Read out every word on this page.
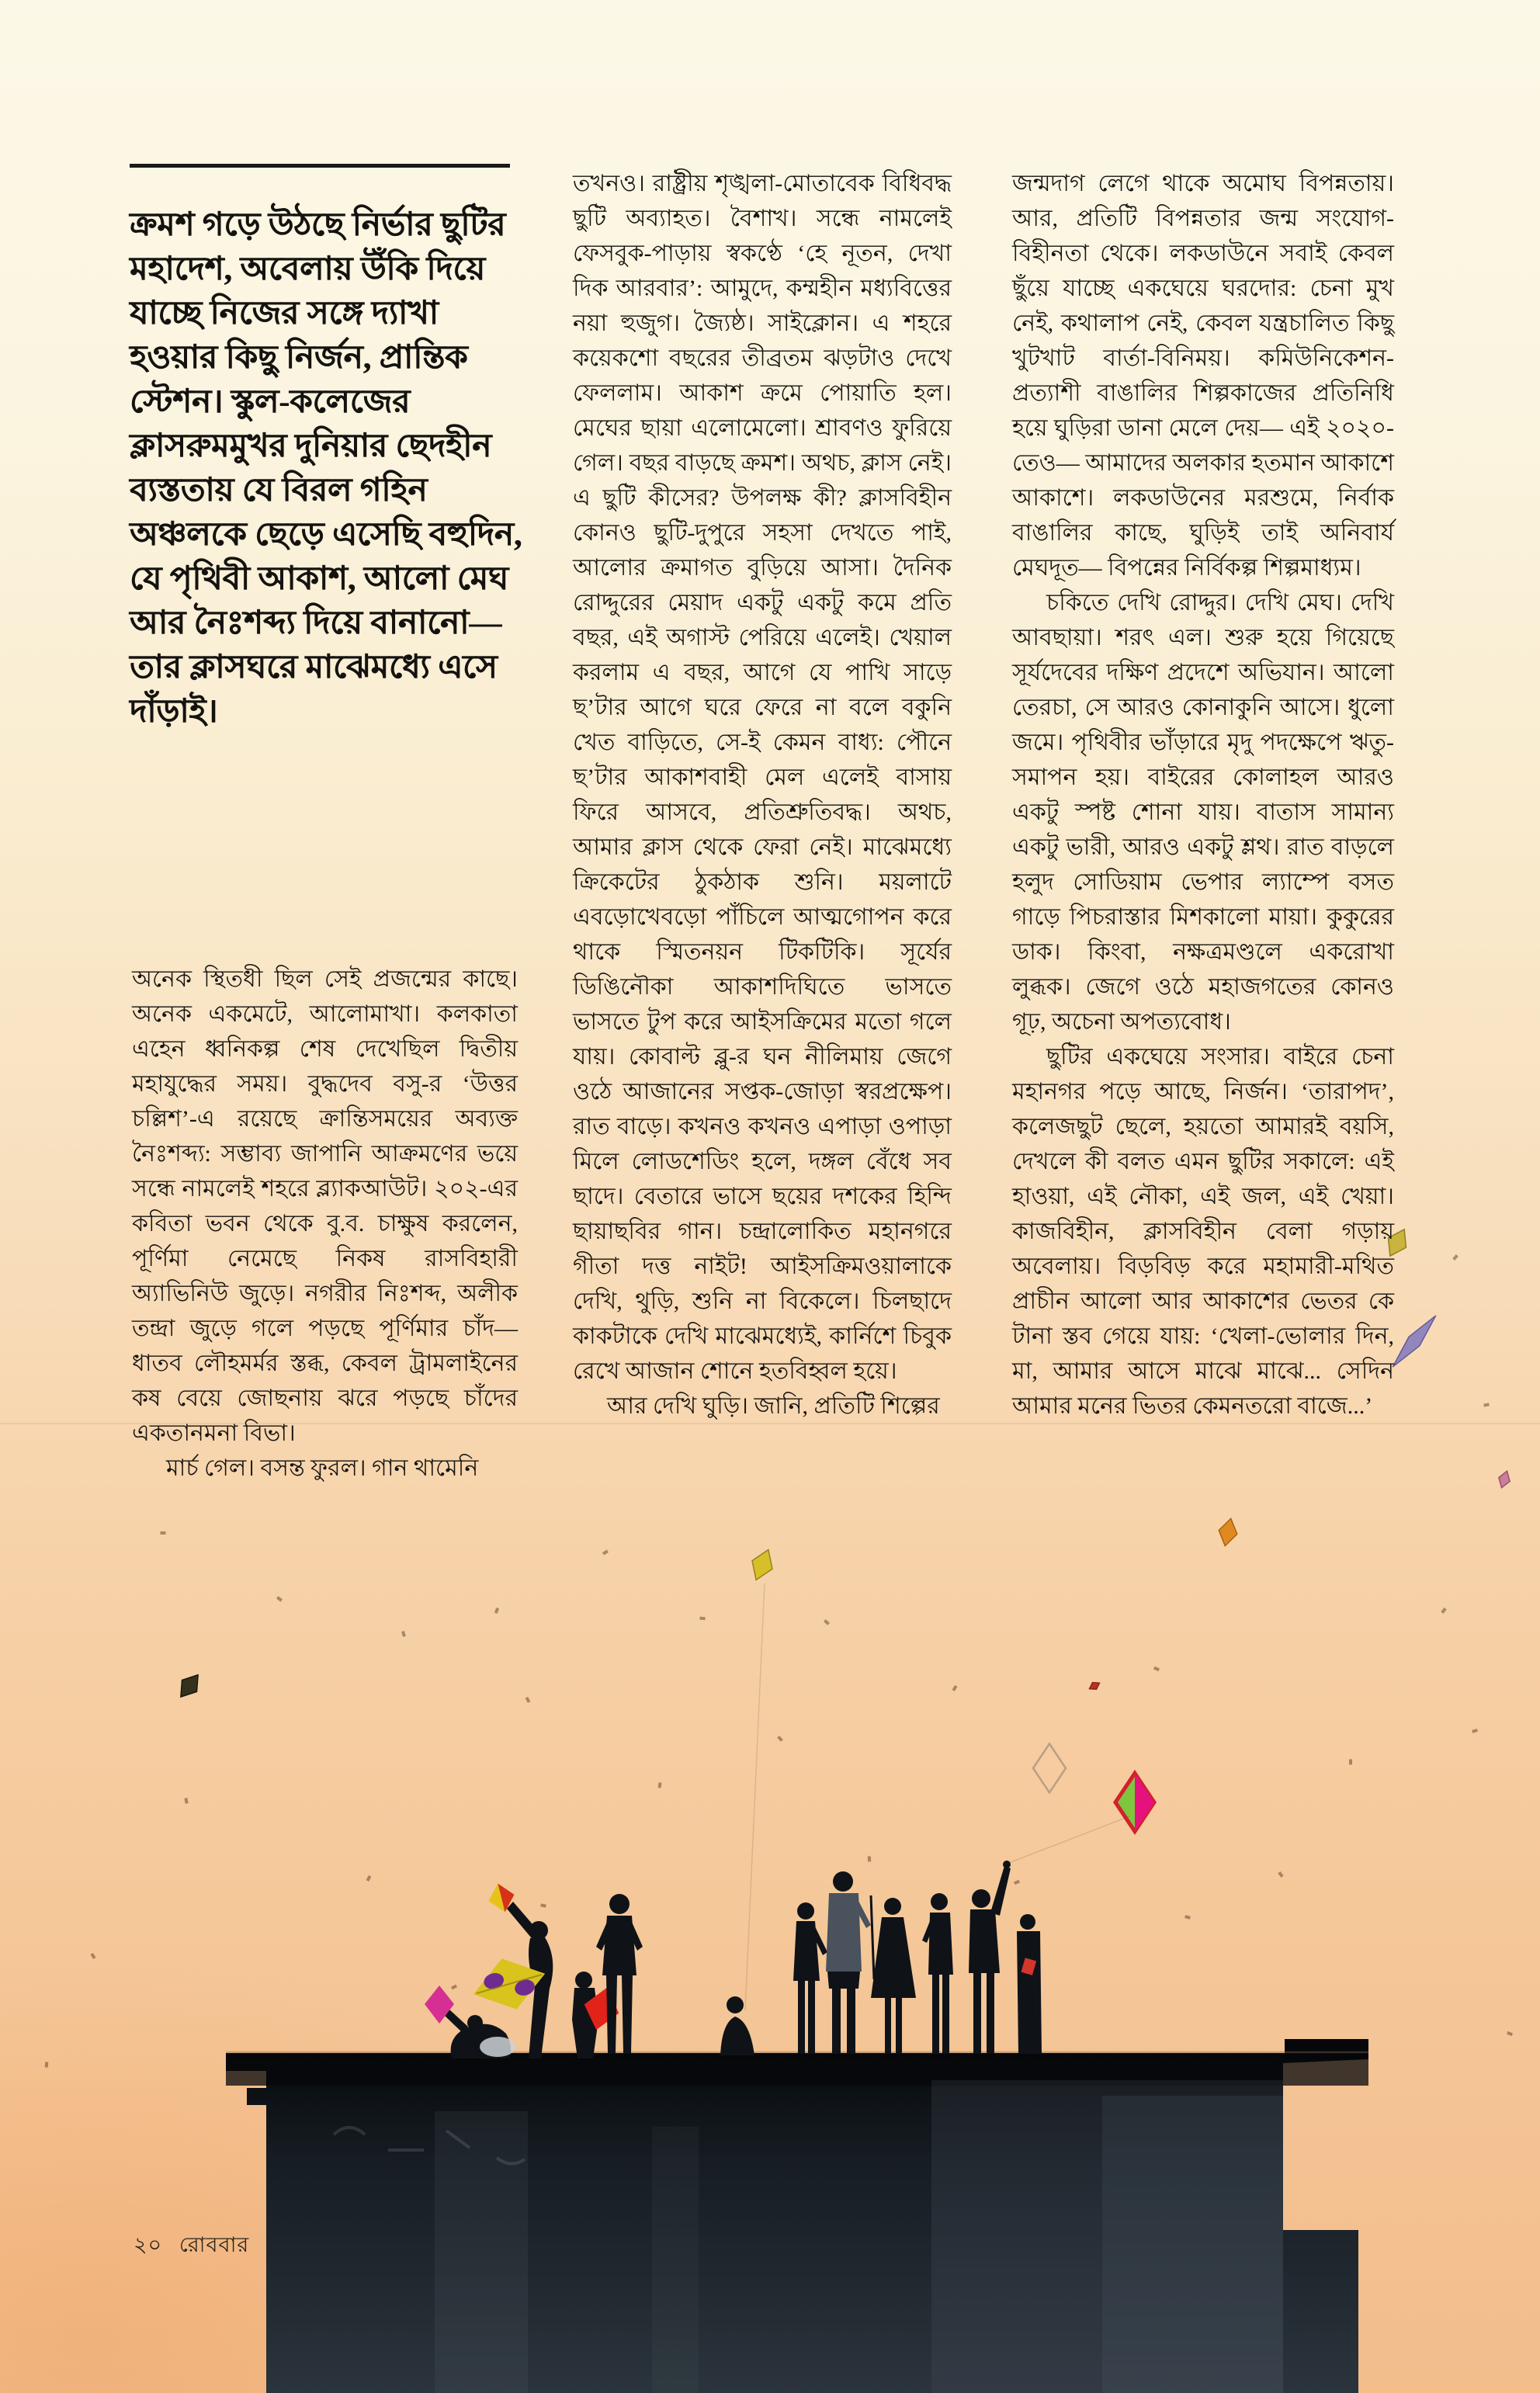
ক্রমশ গড়ে উঠছে নির্ভার ছুটির মহাদেশ, অবেলায় উঁকি দিয়ে যাচ্ছে নিজের সঙ্গে দ্যাখা হওয়ার কিছু নির্জন, প্রান্তিক স্টেশন। স্কুল-কলেজের ক্লাসরুমমুখর দুনিয়ার ছেদহীন ব্যস্ততায় যে বিরল গহিন অঞ্চলকে ছেড়ে এসেছি বহুদিন, যে পৃথিবী আকাশ, আলো মেঘ আর নৈঃশব্দ্য দিয়ে বানানো— তার ক্লাসঘরে মাঝেমধ্যে এসে দাঁড়াই।

অনেক স্থিতধী ছিল সেই প্রজন্মের কাছে। অনেক একমেটে, আলোমাখা। কলকাতা এহেন ধ্বনিকল্প শেষ দেখেছিল দ্বিতীয় মহাযুদ্ধের সময়। বুদ্ধদেব বসু-র ‘উত্তর চল্লিশ’-এ রয়েছে ক্রান্তিসময়ের অব্যক্ত নৈঃশব্দ্য: সম্ভাব্য জাপানি আক্রমণের ভয়ে সন্ধে নামলেই শহরে ব্ল্যাকআউট। ২০২-এর কবিতা ভবন থেকে বু.ব. চাক্ষুষ করলেন, পূর্ণিমা নেমেছে নিকষ রাসবিহারী অ্যাভিনিউ জুড়ে। নগরীর নিঃশব্দ, অলীক তন্দ্রা জুড়ে গলে পড়ছে পূর্ণিমার চাঁদ— ধাতব লৌহমর্মর স্তব্ধ, কেবল ট্রামলাইনের কষ বেয়ে জোছনায় ঝরে পড়ছে চাঁদের একতানমনা বিভা।

মার্চ গেল। বসন্ত ফুরল। গান থামেনি

তখনও। রাষ্ট্রীয় শৃঙ্খলা-মোতাবেক বিধিবদ্ধ ছুটি অব্যাহত। বৈশাখ। সন্ধে নামলেই ফেসবুক-পাড়ায় স্বকণ্ঠে ‘হে নূতন, দেখা দিক আরবার’: আমুদে, কম্মহীন মধ্যবিত্তের নয়া হুজুগ। জ্যৈষ্ঠ। সাইক্লোন। এ শহরে কয়েকশো বছরের তীব্রতম ঝড়টাও দেখে ফেললাম। আকাশ ক্রমে পোয়াতি হল। মেঘের ছায়া এলোমেলো। শ্রাবণও ফুরিয়ে গেল। বছর বাড়ছে ক্রমশ। অথচ, ক্লাস নেই। এ ছুটি কীসের? উপলক্ষ কী? ক্লাসবিহীন কোনও ছুটি-দুপুরে সহসা দেখতে পাই, আলোর ক্রমাগত বুড়িয়ে আসা। দৈনিক রোদ্দুরের মেয়াদ একটু একটু কমে প্রতি বছর, এই অগাস্ট পেরিয়ে এলেই। খেয়াল করলাম এ বছর, আগে যে পাখি সাড়ে ছ’টার আগে ঘরে ফেরে না বলে বকুনি খেত বাড়িতে, সে-ই কেমন বাধ্য: পৌনে ছ’টার আকাশবাহী মেল এলেই বাসায় ফিরে আসবে, প্রতিশ্রুতিবদ্ধ। অথচ, আমার ক্লাস থেকে ফেরা নেই। মাঝেমধ্যে ক্রিকেটের ঠুকঠাক শুনি। ময়লাটে এবড়োখেবড়ো পাঁচিলে আত্মগোপন করে থাকে স্মিতনয়ন টিকটিকি। সূর্যের ডিঙিনৌকা আকাশদিঘিতে ভাসতে ভাসতে টুপ করে আইসক্রিমের মতো গলে যায়। কোবাল্ট ব্লু-র ঘন নীলিমায় জেগে ওঠে আজানের সপ্তক-জোড়া স্বরপ্রক্ষেপ। রাত বাড়ে। কখনও কখনও এপাড়া ওপাড়া মিলে লোডশেডিং হলে, দঙ্গল বেঁধে সব ছাদে। বেতারে ভাসে ছয়ের দশকের হিন্দি ছায়াছবির গান। চন্দ্রালোকিত মহানগরে গীতা দত্ত নাইট! আইসক্রিমওয়ালাকে দেখি, থুড়ি, শুনি না বিকেলে। চিলছাদে কাকটাকে দেখি মাঝেমধ্যেই, কার্নিশে চিবুক রেখে আজান শোনে হতবিহ্বল হয়ে।

আর দেখি ঘুড়ি। জানি, প্রতিটি শিল্পের

জন্মদাগ লেগে থাকে অমোঘ বিপন্নতায়। আর, প্রতিটি বিপন্নতার জন্ম সংযোগ-বিহীনতা থেকে। লকডাউনে সবাই কেবল ছুঁয়ে যাচ্ছে একঘেয়ে ঘরদোর: চেনা মুখ নেই, কথালাপ নেই, কেবল যন্ত্রচালিত কিছু খুটখাট বার্তা-বিনিময়। কমিউনিকেশন-প্রত্যাশী বাঙালির শিল্পকাজের প্রতিনিধি হয়ে ঘুড়িরা ডানা মেলে দেয়— এই ২০২০-তেও— আমাদের অলকার হতমান আকাশে আকাশে। লকডাউনের মরশুমে, নির্বাক বাঙালির কাছে, ঘুড়িই তাই অনিবার্য মেঘদূত— বিপন্নের নির্বিকল্প শিল্পমাধ্যম।

চকিতে দেখি রোদ্দুর। দেখি মেঘ। দেখি আবছায়া। শরৎ এল। শুরু হয়ে গিয়েছে সূর্যদেবের দক্ষিণ প্রদেশে অভিযান। আলো তেরচা, সে আরও কোনাকুনি আসে। ধুলো জমে। পৃথিবীর ভাঁড়ারে মৃদু পদক্ষেপে ঋতু-সমাপন হয়। বাইরের কোলাহল আরও একটু স্পষ্ট শোনা যায়। বাতাস সামান্য একটু ভারী, আরও একটু শ্লথ। রাত বাড়লে হলুদ সোডিয়াম ভেপার ল্যাম্পে বসত গাড়ে পিচরাস্তার মিশকালো মায়া। কুকুরের ডাক। কিংবা, নক্ষত্রমণ্ডলে একরোখা লুব্ধক। জেগে ওঠে মহাজগতের কোনও গূঢ়, অচেনা অপত্যবোধ।

ছুটির একঘেয়ে সংসার। বাইরে চেনা মহানগর পড়ে আছে, নির্জন। ‘তারাপদ’, কলেজছুট ছেলে, হয়তো আমারই বয়সি, দেখলে কী বলত এমন ছুটির সকালে: এই হাওয়া, এই নৌকা, এই জল, এই খেয়া। কাজবিহীন, ক্লাসবিহীন বেলা গড়ায় অবেলায়। বিড়বিড় করে মহামারী-মথিত প্রাচীন আলো আর আকাশের ভেতর কে টানা স্তব গেয়ে যায়: ‘খেলা-ভোলার দিন, মা, আমার আসে মাঝে মাঝে... সেদিন আমার মনের ভিতর কেমনতরো বাজে...’

২০ রোববার
